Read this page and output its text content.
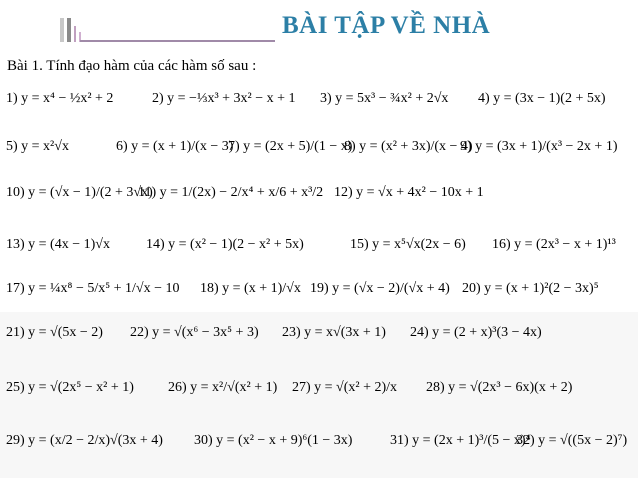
BÀI TẬP VỀ NHÀ
Bài 1. Tính đạo hàm của các hàm số sau :
1) y = x⁴ − ½x² + 2	2) y = −⅓x³ + 3x² − x + 1 3) y = 5x³ − ¾x² + 2√x 4) y = (3x − 1)(2 + 5x)
5) y = x²√x	6) y = (x + 1)/(x − 3)
7) y = (2x + 5)/(1 − x)
8) y = (x² + 3x)/(x − 4)
9) y = (3x + 1)/(x³ − 2x + 1)
10) y = (√x − 1)/(2 + 3√x)
11) y = 1/(2x) − 2/x⁴ + x/6 + x³/2 12) y = √x + 4x² − 10x + 1
13) y = (4x − 1)√x	14) y = (x² − 1)(2 − x² + 5x)	15) y = x⁵√x(2x − 6) 16) y = (2x³ − x + 1)¹³
17) y = ¼x⁸ − 5/x⁵ + 1/√x − 10 18) y = (x + 1)/√x 19) y = (√x − 2)/(√x + 4) 20) y = (x + 1)²(2 − 3x)⁵
21) y = √(5x − 2) 22) y = √(x⁶ − 3x⁵ + 3) 23) y = x√(3x + 1) 24) y = (2 + x)³(3 − 4x)
25) y = √(2x⁵ − x² + 1) 26) y = x²/√(x² + 1) 27) y = √(x² + 2)/x 28) y = √(2x³ − 6x)(x + 2)
29) y = (x/2 − 2/x)√(3x + 4) 30) y = (x² − x + 9)⁶(1 − 3x)	31) y = (2x + 1)³/(5 − x)⁴
32) y = √((5x − 2)⁷)
